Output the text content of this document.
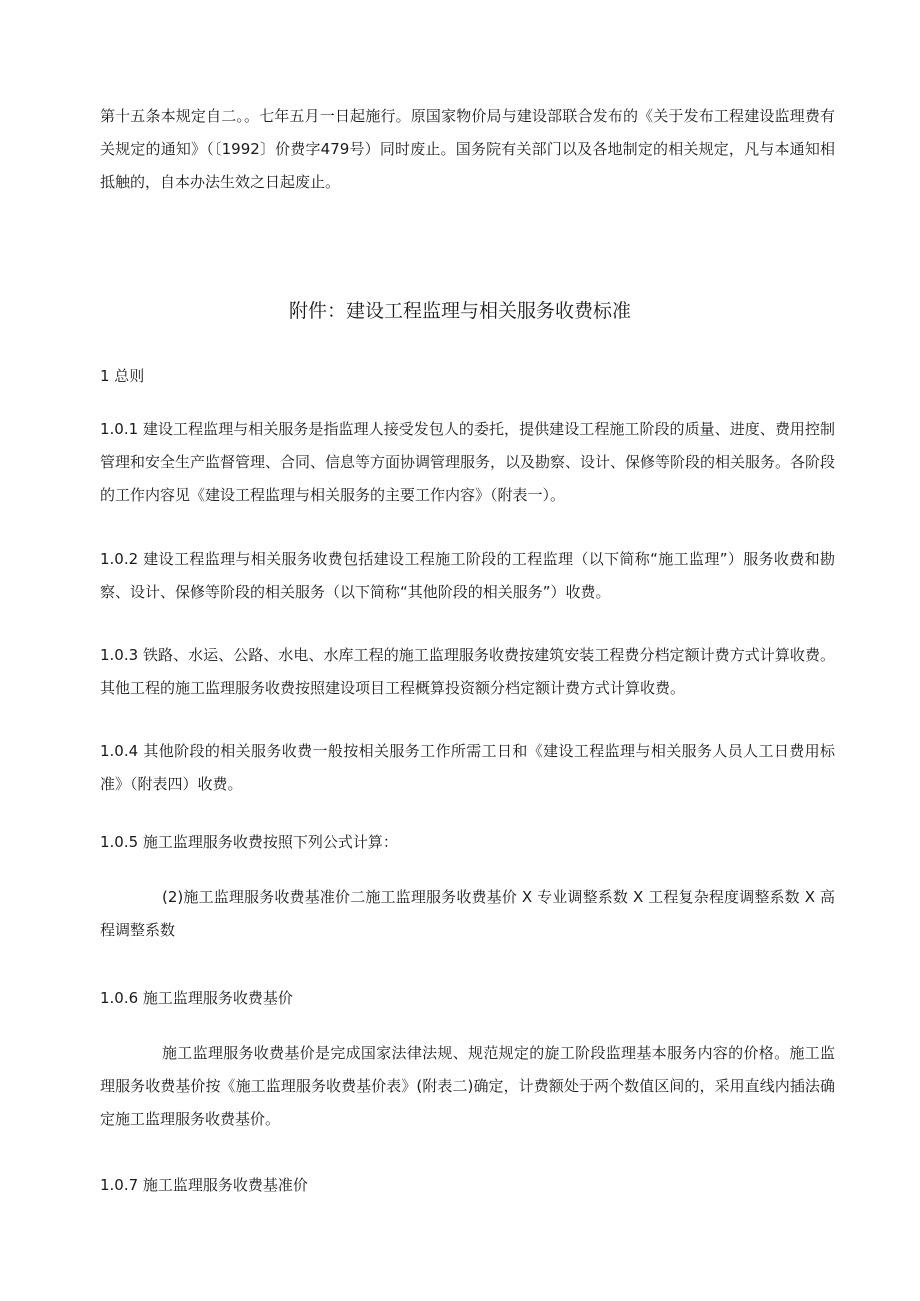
第十五条本规定自二。。七年五月一日起施行。原国家物价局与建设部联合发布的《关于发布工程建设监理费有关规定的通知》（〔1992〕价费字479号）同时废止。国务院有关部门以及各地制定的相关规定，凡与本通知相抵触的，自本办法生效之日起废止。

附件：建设工程监理与相关服务收费标准

1 总则

1.0.1 建设工程监理与相关服务是指监理人接受发包人的委托，提供建设工程施工阶段的质量、进度、费用控制管理和安全生产监督管理、合同、信息等方面协调管理服务，以及勘察、设计、保修等阶段的相关服务。各阶段的工作内容见《建设工程监理与相关服务的主要工作内容》（附表一）。

1.0.2 建设工程监理与相关服务收费包括建设工程施工阶段的工程监理（以下简称“施工监理”）服务收费和勘察、设计、保修等阶段的相关服务（以下简称“其他阶段的相关服务”）收费。

1.0.3 铁路、水运、公路、水电、水库工程的施工监理服务收费按建筑安装工程费分档定额计费方式计算收费。其他工程的施工监理服务收费按照建设项目工程概算投资额分档定额计费方式计算收费。

1.0.4 其他阶段的相关服务收费一般按相关服务工作所需工日和《建设工程监理与相关服务人员人工日费用标准》（附表四）收费。

1.0.5 施工监理服务收费按照下列公式计算：

(2)施工监理服务收费基准价二施工监理服务收费基价 X 专业调整系数 X 工程复杂程度调整系数 X 高程调整系数

1.0.6 施工监理服务收费基价

施工监理服务收费基价是完成国家法律法规、规范规定的旋工阶段监理基本服务内容的价格。施工监理服务收费基价按《施工监理服务收费基价表》(附表二)确定，计费额处于两个数值区间的，采用直线内插法确定施工监理服务收费基价。

1.0.7 施工监理服务收费基准价
